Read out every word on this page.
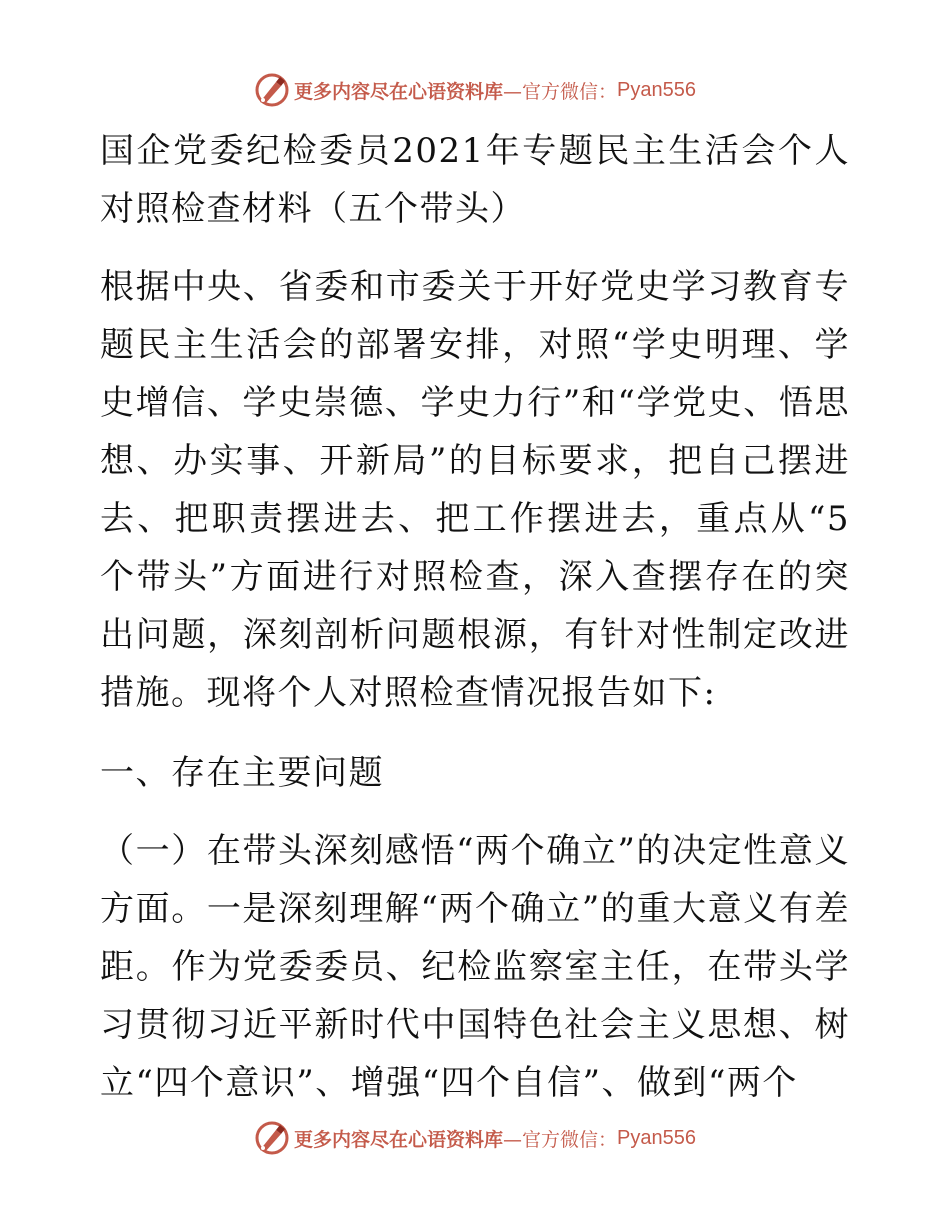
更多内容尽在心语资料库 —官方微信： Pyan556

国企党委纪检委员2021年专题民主生活会个人对照检查材料（五个带头）

根据中央、省委和市委关于开好党史学习教育专题民主生活会的部署安排，对照“学史明理、学史增信、学史崇德、学史力行”和“学党史、悟思想、办实事、开新局”的目标要求，把自己摆进去、把职责摆进去、把工作摆进去，重点从“5个带头”方面进行对照检查，深入查摆存在的突出问题，深刻剖析问题根源，有针对性制定改进措施。现将个人对照检查情况报告如下:

一、存在主要问题

（一）在带头深刻感悟“两个确立”的决定性意义方面。一是深刻理解“两个确立”的重大意义有差距。作为党委委员、纪检监察室主任，在带头学习贯彻习近平新时代中国特色社会主义思想、树立“四个意识”、增强“四个自信”、做到“两个

更多内容尽在心语资料库 —官方微信： Pyan556
